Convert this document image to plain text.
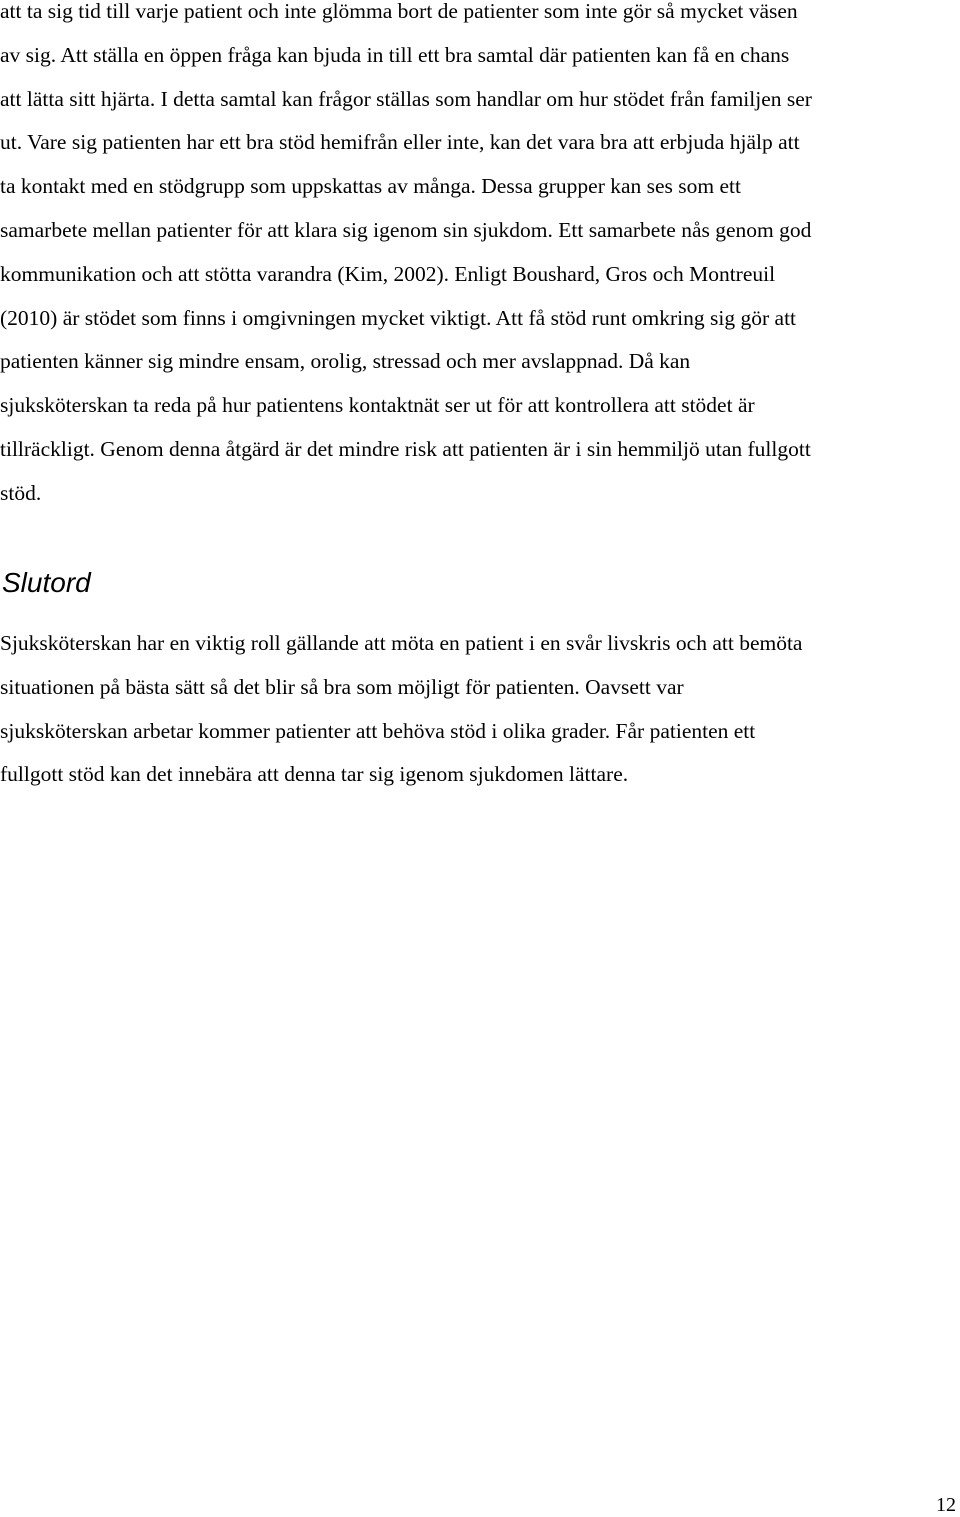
att ta sig tid till varje patient och inte glömma bort de patienter som inte gör så mycket väsen
av sig. Att ställa en öppen fråga kan bjuda in till ett bra samtal där patienten kan få en chans
att lätta sitt hjärta. I detta samtal kan frågor ställas som handlar om hur stödet från familjen ser
ut. Vare sig patienten har ett bra stöd hemifrån eller inte, kan det vara bra att erbjuda hjälp att
ta kontakt med en stödgrupp som uppskattas av många. Dessa grupper kan ses som ett
samarbete mellan patienter för att klara sig igenom sin sjukdom. Ett samarbete nås genom god
kommunikation och att stötta varandra (Kim, 2002). Enligt Boushard, Gros och Montreuil
(2010) är stödet som finns i omgivningen mycket viktigt. Att få stöd runt omkring sig gör att
patienten känner sig mindre ensam, orolig, stressad och mer avslappnad. Då kan
sjuksköterskan ta reda på hur patientens kontaktnät ser ut för att kontrollera att stödet är
tillräckligt. Genom denna åtgärd är det mindre risk att patienten är i sin hemmiljö utan fullgott
stöd.

Slutord

Sjuksköterskan har en viktig roll gällande att möta en patient i en svår livskris och att bemöta
situationen på bästa sätt så det blir så bra som möjligt för patienten. Oavsett var
sjuksköterskan arbetar kommer patienter att behöva stöd i olika grader. Får patienten ett
fullgott stöd kan det innebära att denna tar sig igenom sjukdomen lättare.

12
